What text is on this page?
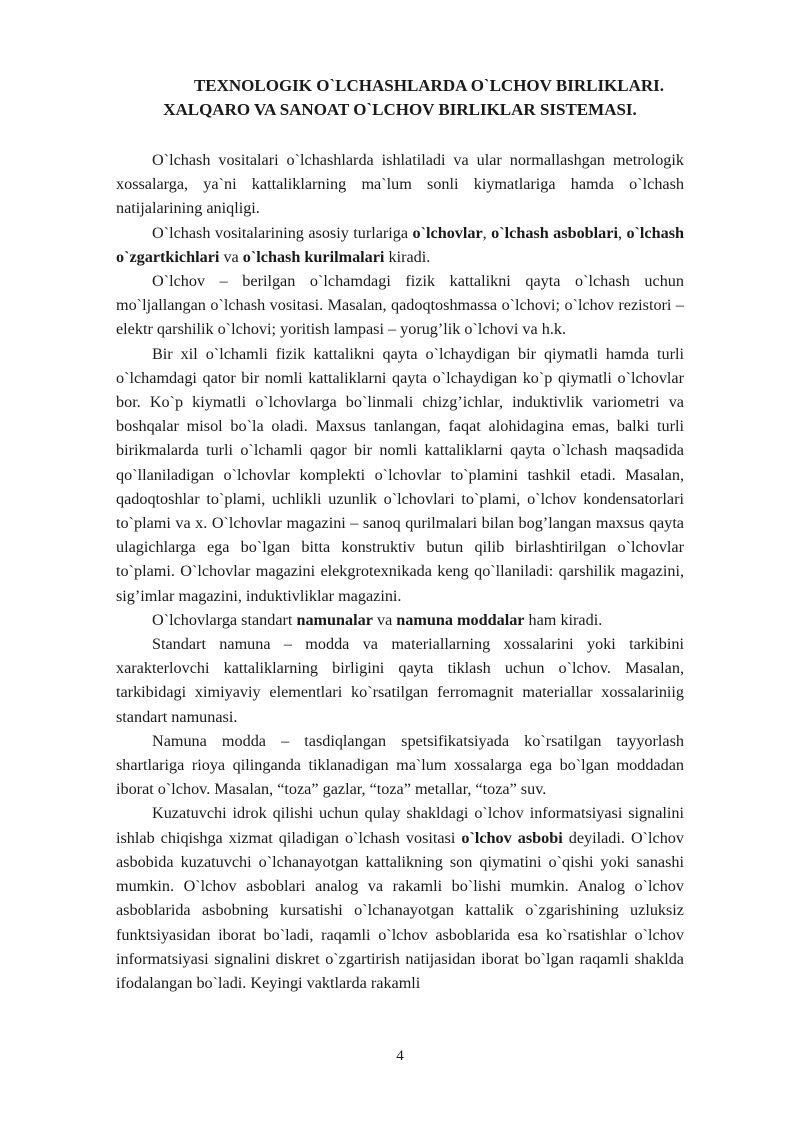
TEXNOLOGIK O`LCHASHLARDA O`LCHOV BIRLIKLARI.
XALQARO VA SANOAT O`LCHOV BIRLIKLAR SISTEMASI.

O`lchash vositalari o`lchashlarda ishlatiladi va ular normallashgan metrologik xossalarga, ya`ni kattaliklarning ma`lum sonli kiymatlariga hamda o`lchash natijalarining aniqligi.

O`lchash vositalarining asosiy turlariga o`lchovlar, o`lchash asboblari, o`lchash o`zgartkichlari va o`lchash kurilmalari kiradi.

O`lchov – berilgan o`lchamdagi fizik kattalikni qayta o`lchash uchun mo`ljallangan o`lchash vositasi. Masalan, qadoqtoshmassa o`lchovi; o`lchov rezistori – elektr qarshilik o`lchovi; yoritish lampasi – yorug’lik o`lchovi va h.k.

Bir xil o`lchamli fizik kattalikni qayta o`lchaydigan bir qiymatli hamda turli o`lchamdagi qator bir nomli kattaliklarni qayta o`lchaydigan ko`p qiymatli o`lchovlar bor. Ko`p kiymatli o`lchovlarga bo`linmali chizg’ichlar, induktivlik variometri va boshqalar misol bo`la oladi. Maxsus tanlangan, faqat alohidagina emas, balki turli birikmalarda turli o`lchamli qagor bir nomli kattaliklarni qayta o`lchash maqsadida qo`llaniladigan o`lchovlar komplekti o`lchovlar to`plamini tashkil etadi. Masalan, qadoqtoshlar to`plami, uchlikli uzunlik o`lchovlari to`plami, o`lchov kondensatorlari to`plami va x. O`lchovlar magazini – sanoq qurilmalari bilan bog’langan maxsus qayta ulagichlarga ega bo`lgan bitta konstruktiv butun qilib birlashtirilgan o`lchovlar to`plami. O`lchovlar magazini elekgrotexnikada keng qo`llaniladi: qarshilik magazini, sig’imlar magazini, induktivliklar magazini.

O`lchovlarga standart namunalar va namuna moddalar ham kiradi.

Standart namuna – modda va materiallarning xossalarini yoki tarkibini xarakterlovchi kattaliklarning birligini qayta tiklash uchun o`lchov. Masalan, tarkibidagi ximiyaviy elementlari ko`rsatilgan ferromagnit materiallar xossalariniig standart namunasi.

Namuna modda – tasdiqlangan spetsifikatsiyada ko`rsatilgan tayyorlash shartlariga rioya qilinganda tiklanadigan ma`lum xossalarga ega bo`lgan moddadan iborat o`lchov. Masalan, “toza” gazlar, “toza” metallar, “toza” suv.

Kuzatuvchi idrok qilishi uchun qulay shakldagi o`lchov informatsiyasi signalini ishlab chiqishga xizmat qiladigan o`lchash vositasi o`lchov asbobi deyiladi. O`lchov asbobida kuzatuvchi o`lchanayotgan kattalikning son qiymatini o`qishi yoki sanashi mumkin. O`lchov asboblari analog va rakamli bo`lishi mumkin. Analog o`lchov asboblarida asbobning kursatishi o`lchanayotgan kattalik o`zgarishining uzluksiz funktsiyasidan iborat bo`ladi, raqamli o`lchov asboblarida esa ko`rsatishlar o`lchov informatsiyasi signalini diskret o`zgartirish natijasidan iborat bo`lgan raqamli shaklda ifodalangan bo`ladi. Keyingi vaktlarda rakamli

4
